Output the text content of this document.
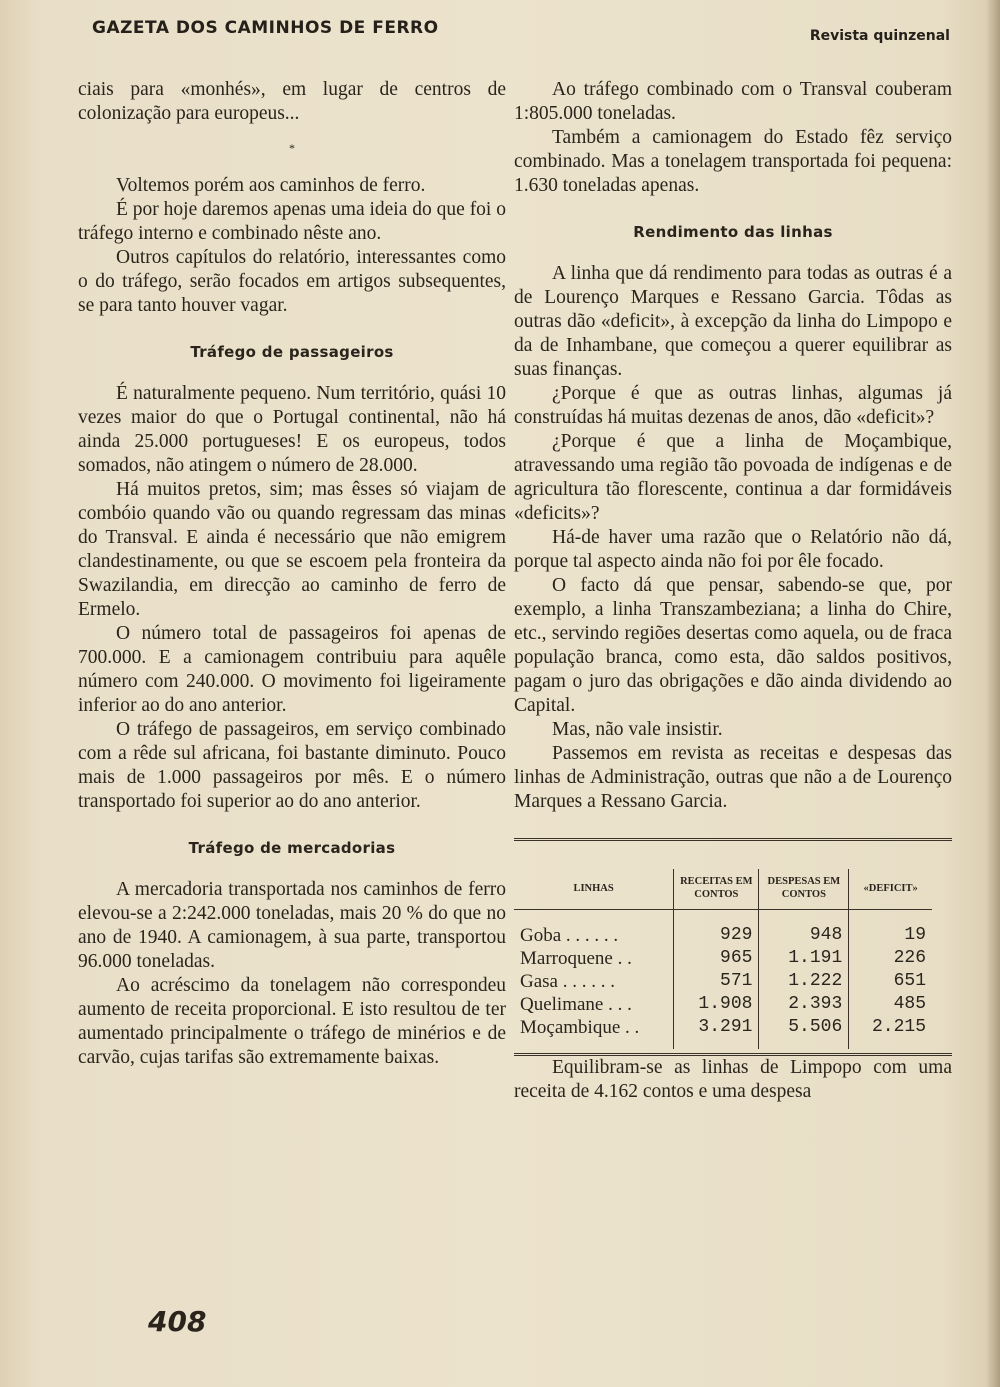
GAZETA DOS CAMINHOS DE FERRO	Revista quinzenal

ciais para «monhés», em lugar de centros de colonização para europeus...

*

Voltemos porém aos caminhos de ferro.

É por hoje daremos apenas uma ideia do que foi o tráfego interno e combinado nêste ano.

Outros capítulos do relatório, interessantes como o do tráfego, serão focados em artigos subsequentes, se para tanto houver vagar.

Tráfego de passageiros

É naturalmente pequeno. Num território, quási 10 vezes maior do que o Portugal continental, não há ainda 25.000 portugueses! E os europeus, todos somados, não atingem o número de 28.000.

Há muitos pretos, sim; mas êsses só viajam de combóio quando vão ou quando regressam das minas do Transval. E ainda é necessário que não emigrem clandestinamente, ou que se escoem pela fronteira da Swazilandia, em direcção ao caminho de ferro de Ermelo.

O número total de passageiros foi apenas de 700.000. E a camionagem contribuiu para aquêle número com 240.000. O movimento foi ligeiramente inferior ao do ano anterior.

O tráfego de passageiros, em serviço combinado com a rêde sul africana, foi bastante diminuto. Pouco mais de 1.000 passageiros por mês. E o número transportado foi superior ao do ano anterior.

Tráfego de mercadorias

A mercadoria transportada nos caminhos de ferro elevou-se a 2:242.000 toneladas, mais 20 % do que no ano de 1940. A camionagem, à sua parte, transportou 96.000 toneladas.

Ao acréscimo da tonelagem não correspondeu aumento de receita proporcional. E isto resultou de ter aumentado principalmente o tráfego de minérios e de carvão, cujas tarifas são extremamente baixas.

Ao tráfego combinado com o Transval couberam 1:805.000 toneladas.

Também a camionagem do Estado fêz serviço combinado. Mas a tonelagem transportada foi pequena: 1.630 toneladas apenas.

Rendimento das linhas

A linha que dá rendimento para todas as outras é a de Lourenço Marques e Ressano Garcia. Tôdas as outras dão «deficit», à excepção da linha do Limpopo e da de Inhambane, que começou a querer equilibrar as suas finanças.

¿Porque é que as outras linhas, algumas já construídas há muitas dezenas de anos, dão «deficit»?

¿Porque é que a linha de Moçambique, atravessando uma região tão povoada de indígenas e de agricultura tão florescente, continua a dar formidáveis «deficits»?

Há-de haver uma razão que o Relatório não dá, porque tal aspecto ainda não foi por êle focado.

O facto dá que pensar, sabendo-se que, por exemplo, a linha Transzambeziana; a linha do Chire, etc., servindo regiões desertas como aquela, ou de fraca população branca, como esta, dão saldos positivos, pagam o juro das obrigações e dão ainda dividendo ao Capital.

Mas, não vale insistir.

Passemos em revista as receitas e despesas das linhas de Administração, outras que não a de Lourenço Marques a Ressano Garcia.

LINHAS	RECEITAS EM CONTOS	DESPESAS EM CONTOS	«DEFICIT»
Goba . . . . . .	929	948	19
Marroquene . .	965	1.191	226
Gasa . . . . . .	571	1.222	651
Quelimane . . .	1.908	2.393	485
Moçambique . .	3.291	5.506	2.215

Equilibram-se as linhas de Limpopo com uma receita de 4.162 contos e uma despesa

408
